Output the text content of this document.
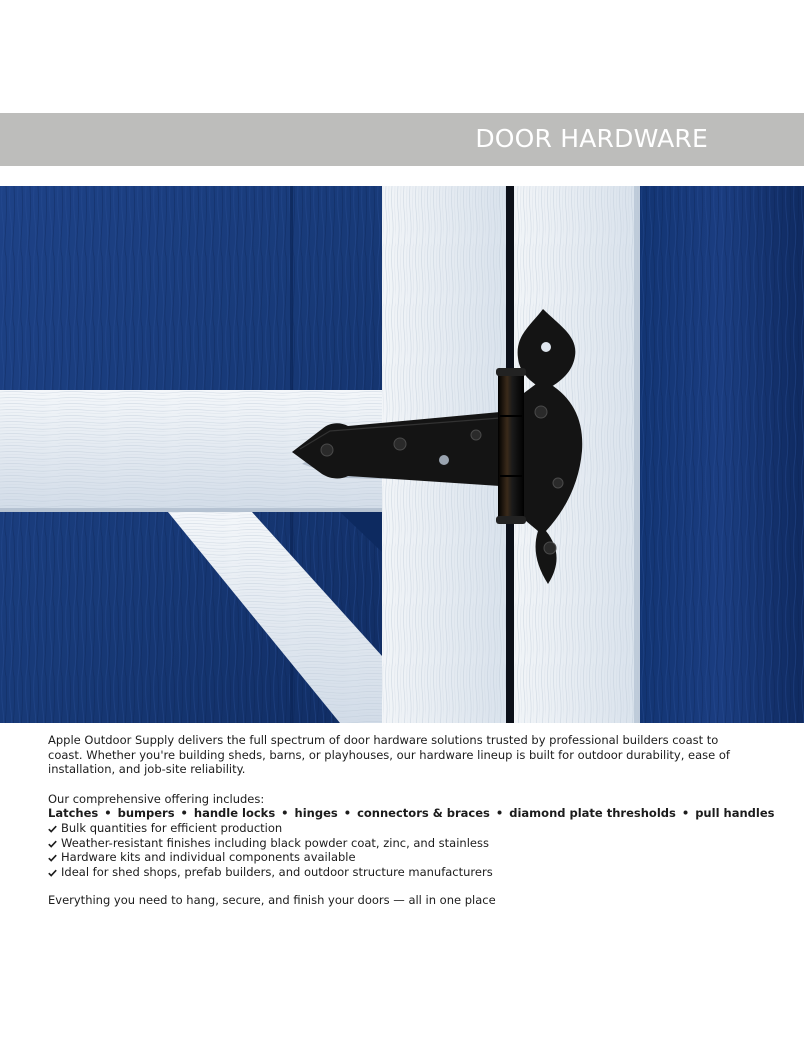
DOOR HARDWARE

Apple Outdoor Supply delivers the full spectrum of door hardware solutions trusted by professional builders coast to coast. Whether you're building sheds, barns, or playhouses, our hardware lineup is built for outdoor durability, ease of installation, and job-site reliability.

Our comprehensive offering includes:

Latches • bumpers • handle locks • hinges • connectors & braces • diamond plate thresholds • pull handles

Bulk quantities for efficient production
Weather-resistant finishes including black powder coat, zinc, and stainless
Hardware kits and individual components available
Ideal for shed shops, prefab builders, and outdoor structure manufacturers

Everything you need to hang, secure, and finish your doors — all in one place
